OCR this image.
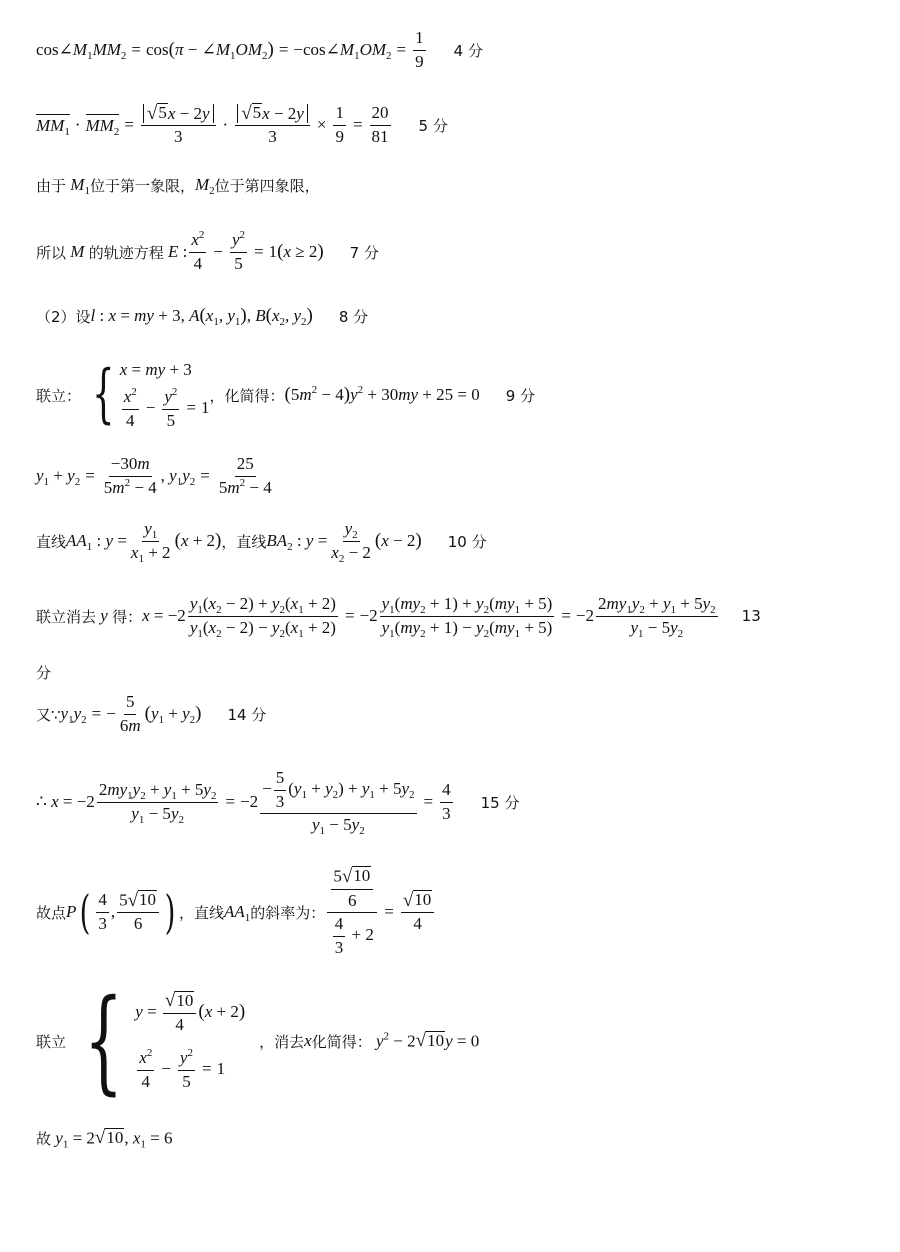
$\cos\angle M_1MM_2 = \cos(\pi$ − $\angle M_1OM_2$) = $-\cos\angle M_1OM_2 = \frac{1}{9} 4$ 分
$MM_1 \cdot MM_2 = \frac{√ 5 x - 2y}{3} \cdot \frac{√ 5 x - 2y}{3} \times \frac{1}{9} = \frac{20}{81} 5$ 分
由于 $M_1$ 位于第一象限， $M_2$ 位于第四象限，
所以 M 的轨迹方程 E :
$x^2$
4
− $\frac{y^2}{5} = 1(x \ge 2)$ 7 分
（2）设 l : x = my + 3, $A(x_1$, $y_1$), $B(x_2$, $y_2$) 8 分
联立： { x = my + 3
$\frac{x^2}{4} - \frac{y^2}{5} = 1$
，化简得： $(5m^2 - 4)y^2 + 30my + 25 = 0$ 9 分
$y_1 + y_2 = \frac{-30m}{5m^2 - 4}$ , $y_1y_2 = \frac{25}{5m^2 - 4}$
直线 $AA_1$ : $y = \frac{y_1}{x_1 + 2} (x + 2)$ ，直线 $BA_2$ : $y = \frac{y_2}{x_2 - 2} (x - 2)$ 10 分
联立消去 y 得： $x = -2 \frac{y_1(x_2 - 2) + y_2(x_1 + 2)}{y_1(x_2 - 2) - y_2(x_1 + 2)} = -2 \frac{y_1(my_2 + 1) + y_2(my_1 + 5)}{y_1(my_2 + 1) - y_2(my_1 + 5)} = -2$
$2my_1y_2 + y_1 + 5y_2$
$y_1 - 5y_2$
13
分
又∵ $y_1y_2$ = − $\frac{5}{6m} (y_1 + y_2)$ 14 分
∴ $x = -2 \frac{2my_1y_2 + y_1 + 5y_2}{y_1 - 5y_2} = -2 \frac{- \frac{5}{3} (y_1 + y_2) + y_1 + 5y_2}{y_1 - 5y_2} = \frac{4}{3} 15$ 分
故点 P ( 4
3
,
5 √ 10
6 ) ，直线 $AA_1$ 的斜率为： $\frac{\frac{5 √ 10}{6}}{\frac{4}{3} + 2} = \frac{√ 10}{4}$
联立 { $y = \frac{√ 10}{4} (x + 2)$
$\frac{x^2}{4} - \frac{y^2}{5} = 1$
，消去 x 化简得： $y^2 - 2$ √ 10 y = 0
故 $y_1 = 2$ √ 10 , $x_1 = 6$
